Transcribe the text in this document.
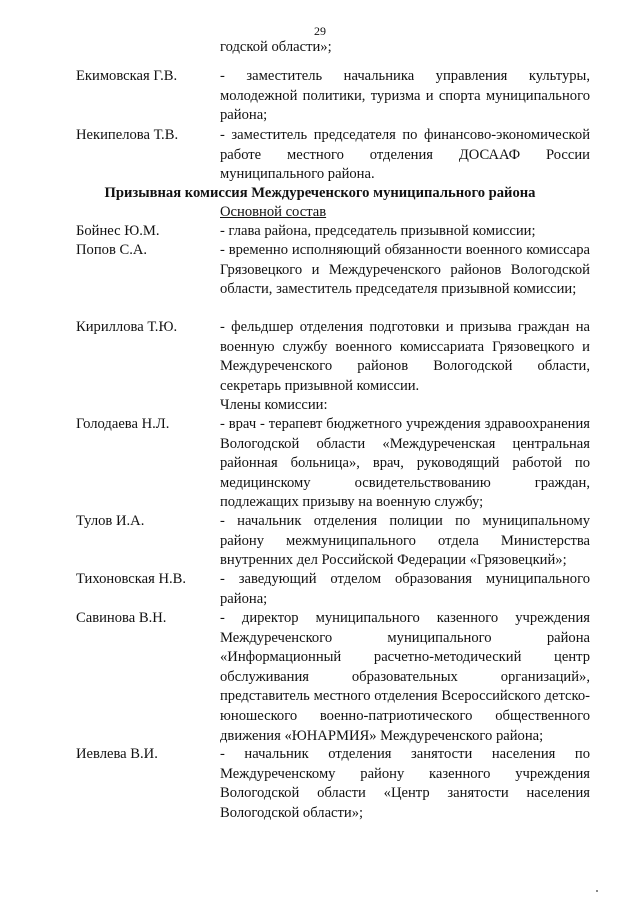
29
годской области»;
Екимовская Г.В.	- заместитель начальника управления культуры, молодежной политики, туризма и спорта муниципального района;
Некипелова Т.В.	- заместитель председателя по финансово-экономической работе местного отделения ДОСААФ России муниципального района.
Призывная комиссия Междуреченского муниципального района
Основной состав
Бойнес Ю.М.	- глава района, председатель призывной комиссии;
Попов С.А.	- временно исполняющий обязанности военного комиссара Грязовецкого и Междуреченского районов Вологодской области, заместитель председателя призывной комиссии;
Кириллова Т.Ю.	- фельдшер отделения подготовки и призыва граждан на военную службу военного комиссариата Грязовецкого и Междуреченского районов Вологодской области, секретарь призывной комиссии.
Члены комиссии:
Голодаева Н.Л.	- врач - терапевт бюджетного учреждения здравоохранения Вологодской области «Междуреченская центральная районная больница», врач, руководящий работой по медицинскому освидетельствованию граждан, подлежащих призыву на военную службу;
Тулов И.А.	- начальник отделения полиции по муниципальному району межмуниципального отдела Министерства внутренних дел Российской Федерации «Грязовецкий»;
Тихоновская Н.В. - заведующий отделом образования муниципального района;
Савинова В.Н.	- директор муниципального казенного учреждения Междуреченского муниципального района «Информационный расчетно-методический центр обслуживания образовательных организаций», представитель местного отделения Всероссийского детско-юношеского военно-патриотического общественного движения «ЮНАРМИЯ» Междуреченского района;
Иевлева В.И.	- начальник отделения занятости населения по Междуреченскому району казенного учреждения Вологодской области «Центр занятости населения Вологодской области»;
